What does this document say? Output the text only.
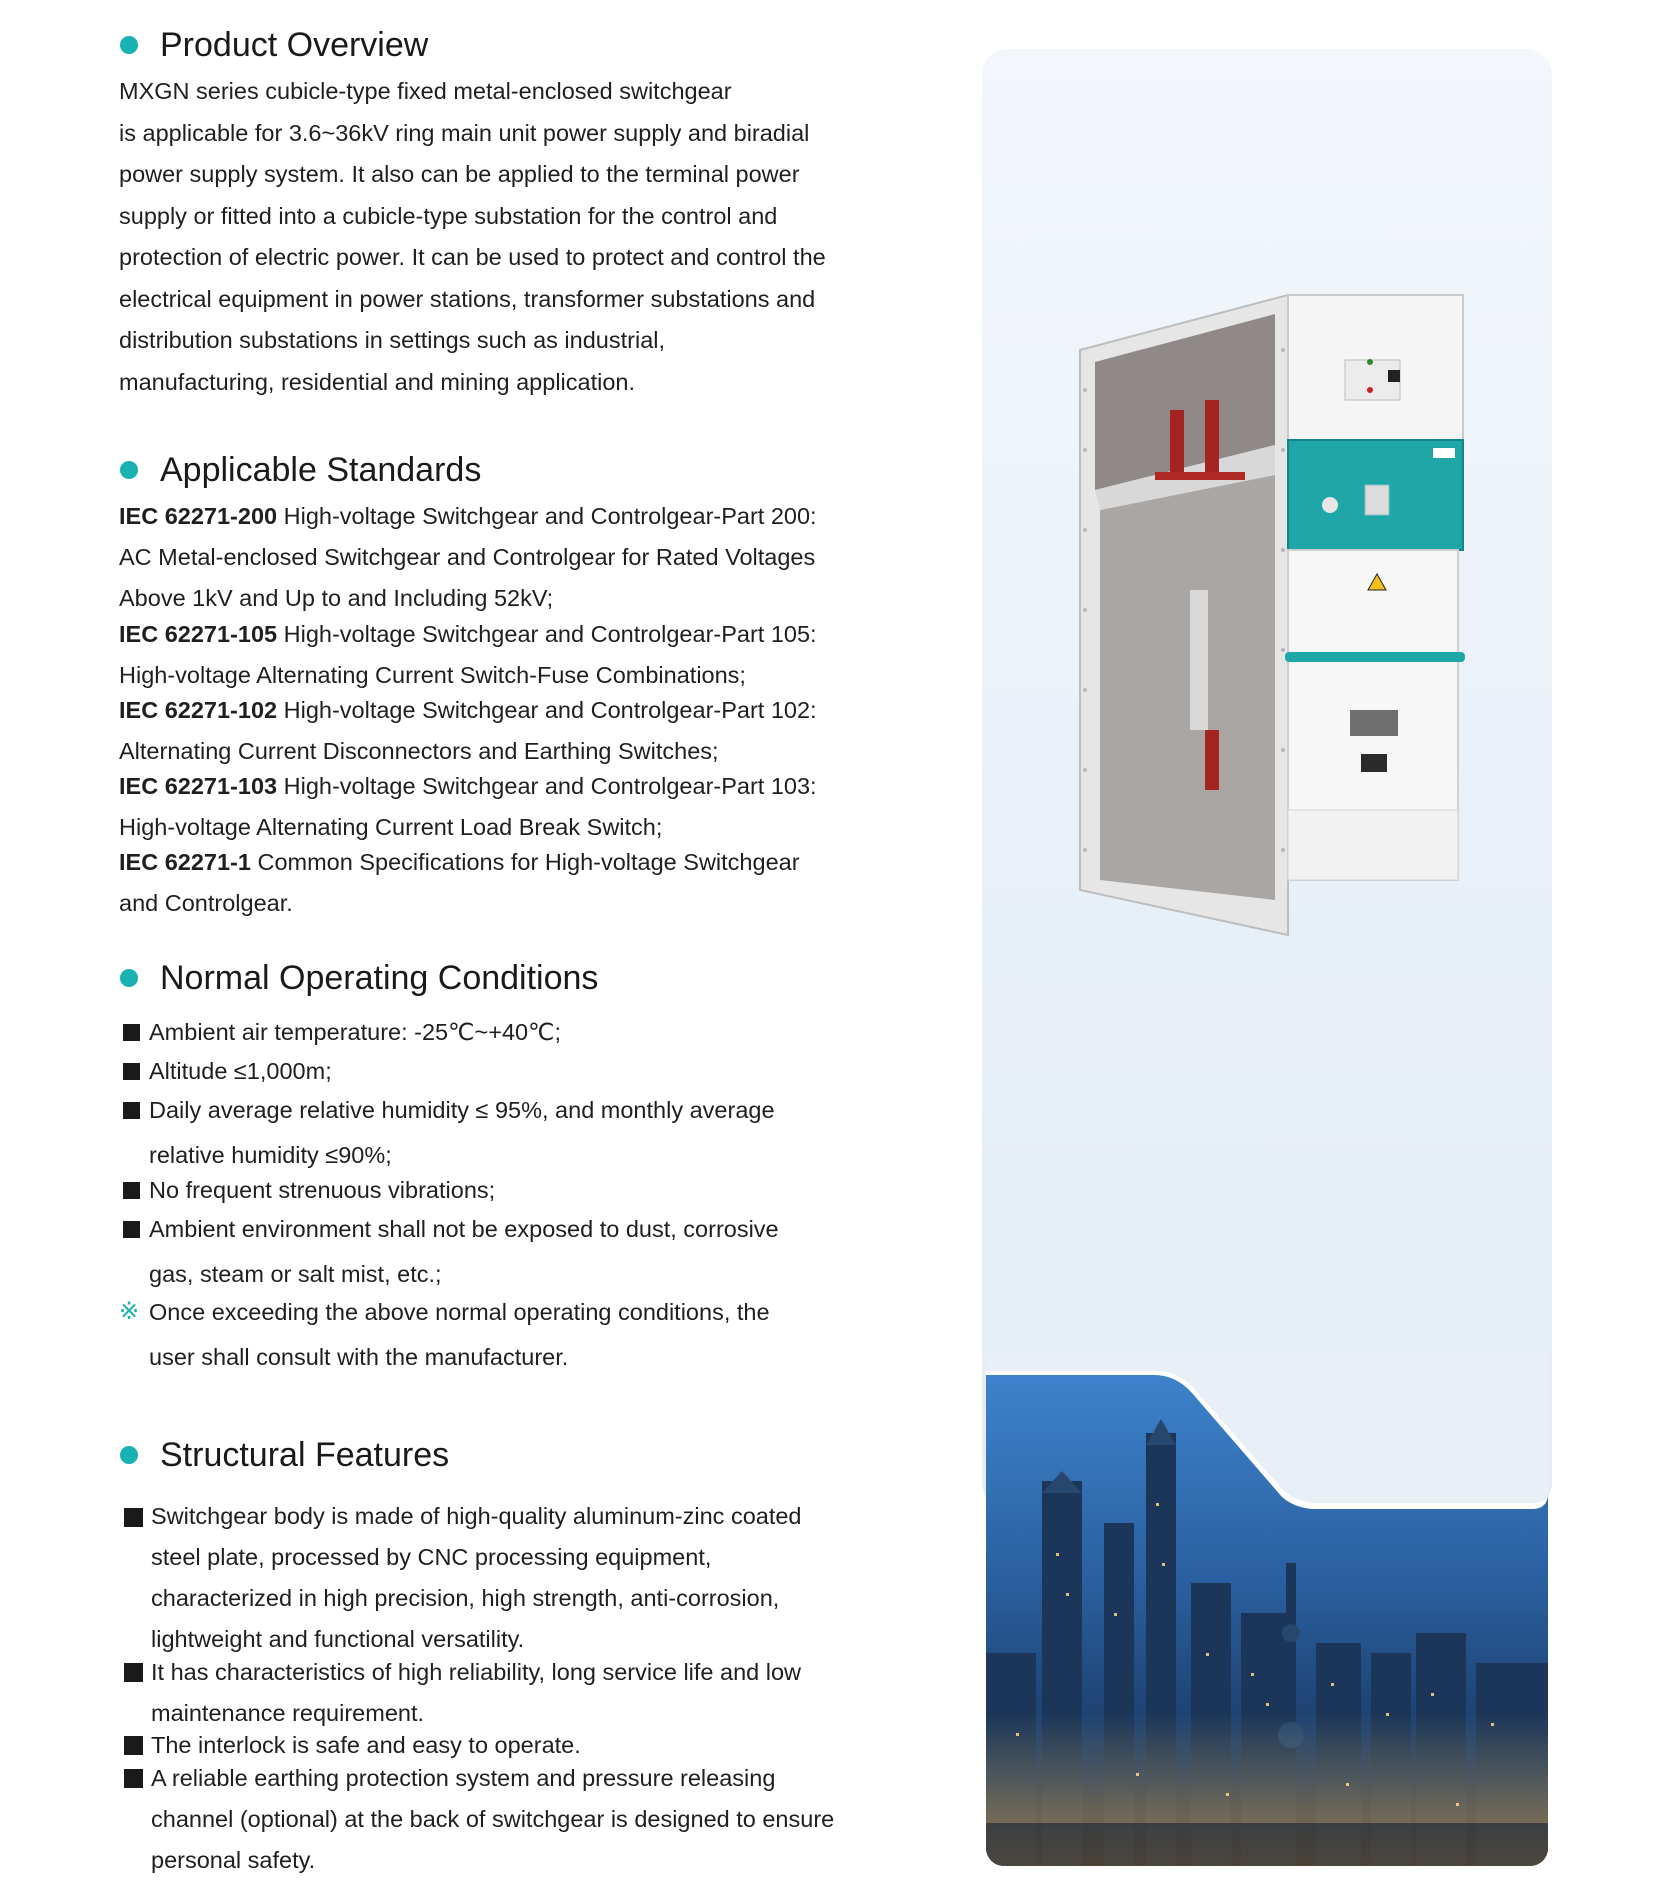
Product Overview

MXGN series cubicle-type fixed metal-enclosed switchgear

is applicable for 3.6~36kV ring main unit power supply and biradial

power supply system. It also can be applied to the terminal power

supply or fitted into a cubicle-type substation for the control and

protection of electric power. It can be used to protect and control the

electrical equipment in power stations, transformer substations and

distribution substations in settings such as industrial,

manufacturing, residential and mining application.

Applicable Standards
IEC 62271-200 High-voltage Switchgear and Controlgear-Part 200:
AC Metal-enclosed Switchgear and Controlgear for Rated Voltages
Above 1kV and Up to and Including 52kV;
IEC 62271-105 High-voltage Switchgear and Controlgear-Part 105:
High-voltage Alternating Current Switch-Fuse Combinations;
IEC 62271-102 High-voltage Switchgear and Controlgear-Part 102:
Alternating Current Disconnectors and Earthing Switches;
IEC 62271-103 High-voltage Switchgear and Controlgear-Part 103:
High-voltage Alternating Current Load Break Switch;
IEC 62271-1 Common Specifications for High-voltage Switchgear
and Controlgear.
Normal Operating Conditions
Ambient air temperature: -25℃~+40℃;
Altitude ≤1,000m;
Daily average relative humidity ≤ 95%, and monthly average
relative humidity ≤90%;
No frequent strenuous vibrations;
Ambient environment shall not be exposed to dust, corrosive
gas, steam or salt mist, etc.;
※ Once exceeding the above normal operating conditions, the
user shall consult with the manufacturer.
Structural Features
Switchgear body is made of high-quality aluminum-zinc coated
steel plate, processed by CNC processing equipment,
characterized in high precision, high strength, anti-corrosion,
lightweight and functional versatility.
It has characteristics of high reliability, long service life and low
maintenance requirement.
The interlock is safe and easy to operate.
A reliable earthing protection system and pressure releasing
channel (optional) at the back of switchgear is designed to ensure
personal safety.
